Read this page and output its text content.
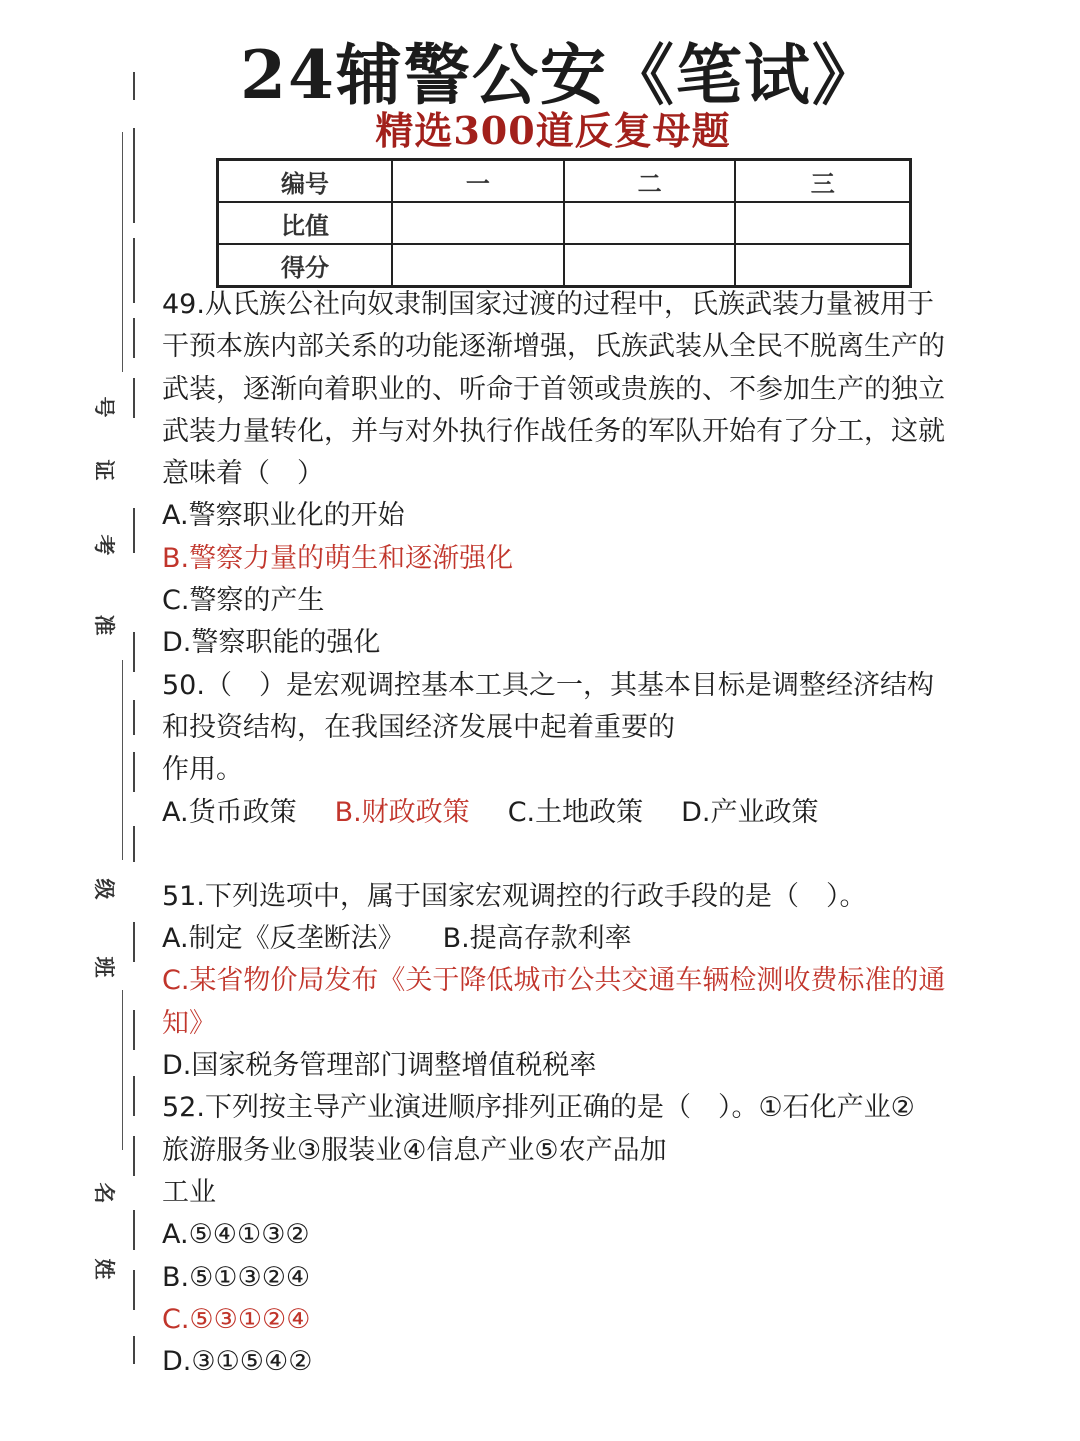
24辅警公安《笔试》
精选300道反复母题
编号	一	二	三
比值			
得分			
号
证
考
准
级
班
名
姓

49.从氏族公社向奴隶制国家过渡的过程中，氏族武装力量被用于

干预本族内部关系的功能逐渐增强，氏族武装从全民不脱离生产的

武装，逐渐向着职业的、听命于首领或贵族的、不参加生产的独立

武装力量转化，并与对外执行作战任务的军队开始有了分工，这就

意味着（　）

A.警察职业化的开始

B.警察力量的萌生和逐渐强化

C.警察的产生

D.警察职能的强化

50.（　）是宏观调控基本工具之一，其基本目标是调整经济结构

和投资结构，在我国经济发展中起着重要的

作用。

A.货币政策 B.财政政策 C.土地政策 D.产业政策

51.下列选项中，属于国家宏观调控的行政手段的是（　）。

A.制定《反垄断法》 B.提高存款利率

C.某省物价局发布《关于降低城市公共交通车辆检测收费标准的通

知》

D.国家税务管理部门调整增值税税率

52.下列按主导产业演进顺序排列正确的是（　）。①石化产业②

旅游服务业③服装业④信息产业⑤农产品加

工业

A.⑤④①③②

B.⑤①③②④

C.⑤③①②④

D.③①⑤④②
